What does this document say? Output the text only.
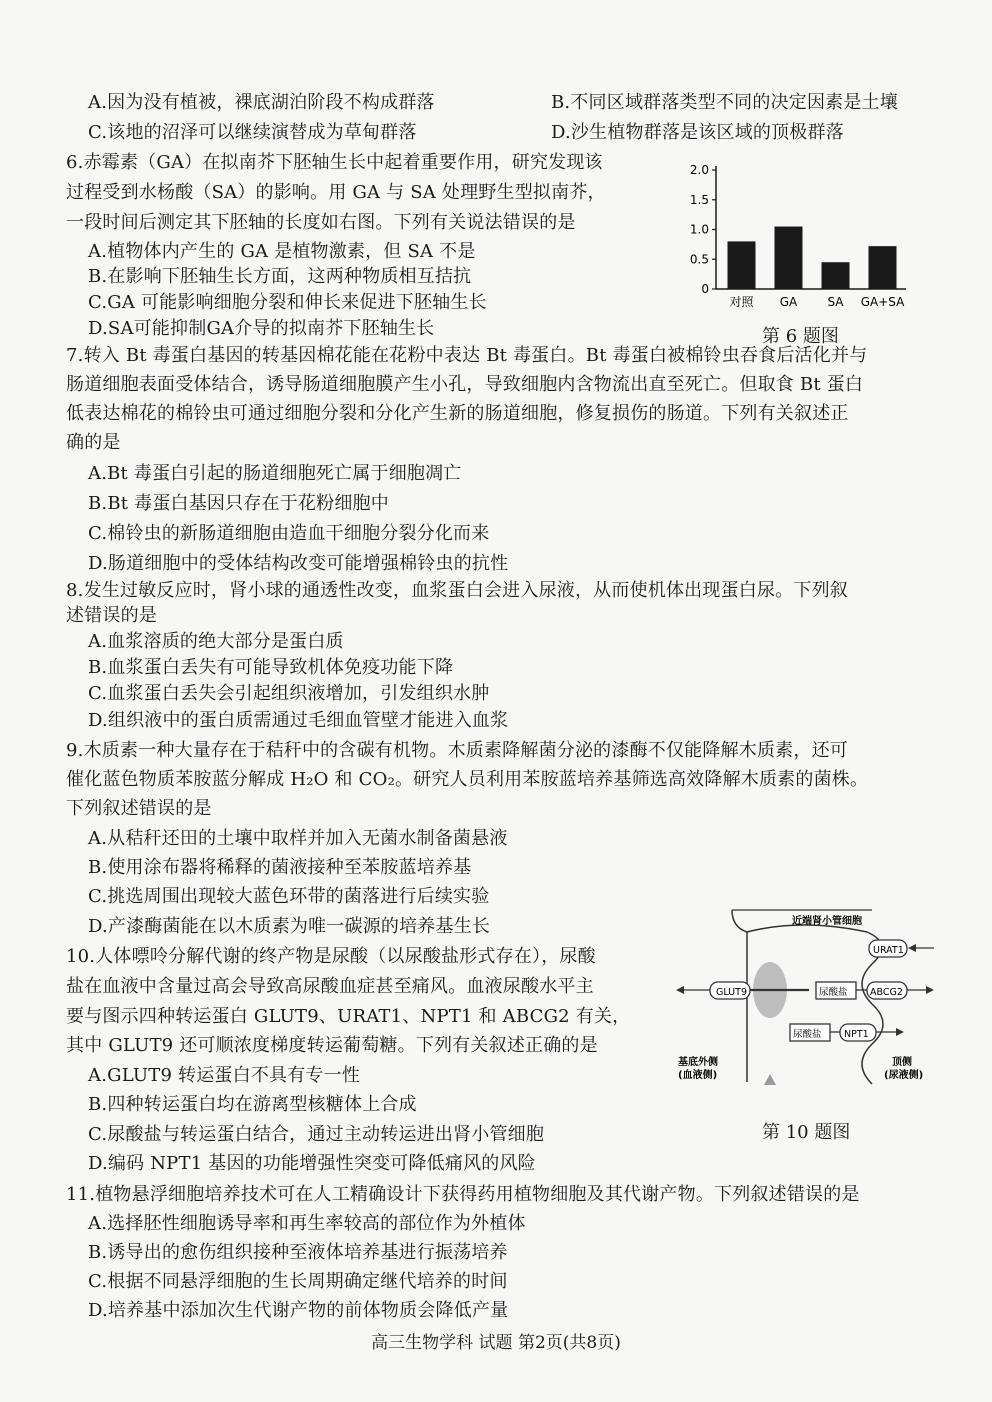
A.因为没有植被，裸底湖泊阶段不构成群落	B.不同区域群落类型不同的决定因素是土壤
C.该地的沼泽可以继续演替成为草甸群落	D.沙生植物群落是该区域的顶极群落
6.赤霉素（GA）在拟南芥下胚轴生长中起着重要作用，研究发现该
过程受到水杨酸（SA）的影响。用 GA 与 SA 处理野生型拟南芥，
一段时间后测定其下胚轴的长度如右图。下列有关说法错误的是
A.植物体内产生的 GA 是植物激素，但 SA 不是
B.在影响下胚轴生长方面，这两种物质相互拮抗
C.GA 可能影响细胞分裂和伸长来促进下胚轴生长
D.SA可能抑制GA介导的拟南芥下胚轴生长
0
0.5
1.0
1.5
2.0
对照 GA	SA GA+SA
第 6 题图
7.转入 Bt 毒蛋白基因的转基因棉花能在花粉中表达 Bt 毒蛋白。Bt 毒蛋白被棉铃虫吞食后活化并与
肠道细胞表面受体结合，诱导肠道细胞膜产生小孔，导致细胞内含物流出直至死亡。但取食 Bt 蛋白
低表达棉花的棉铃虫可通过细胞分裂和分化产生新的肠道细胞，修复损伤的肠道。下列有关叙述正
确的是
A.Bt 毒蛋白引起的肠道细胞死亡属于细胞凋亡
B.Bt 毒蛋白基因只存在于花粉细胞中
C.棉铃虫的新肠道细胞由造血干细胞分裂分化而来
D.肠道细胞中的受体结构改变可能增强棉铃虫的抗性
8.发生过敏反应时，肾小球的通透性改变，血浆蛋白会进入尿液，从而使机体出现蛋白尿。下列叙
述错误的是
A.血浆溶质的绝大部分是蛋白质
B.血浆蛋白丢失有可能导致机体免疫功能下降
C.血浆蛋白丢失会引起组织液增加，引发组织水肿
D.组织液中的蛋白质需通过毛细血管壁才能进入血浆
9.木质素一种大量存在于秸秆中的含碳有机物。木质素降解菌分泌的漆酶不仅能降解木质素，还可
催化蓝色物质苯胺蓝分解成 H₂O 和 CO₂。研究人员利用苯胺蓝培养基筛选高效降解木质素的菌株。
下列叙述错误的是
A.从秸秆还田的土壤中取样并加入无菌水制备菌悬液
B.使用涂布器将稀释的菌液接种至苯胺蓝培养基
C.挑选周围出现较大蓝色环带的菌落进行后续实验
D.产漆酶菌能在以木质素为唯一碳源的培养基生长
10.人体嘌呤分解代谢的终产物是尿酸（以尿酸盐形式存在），尿酸
盐在血液中含量过高会导致高尿酸血症甚至痛风。血液尿酸水平主
要与图示四种转运蛋白 GLUT9、URAT1、NPT1 和 ABCG2 有关，
其中 GLUT9 还可顺浓度梯度转运葡萄糖。下列有关叙述正确的是
A.GLUT9 转运蛋白不具有专一性
B.四种转运蛋白均在游离型核糖体上合成
C.尿酸盐与转运蛋白结合，通过主动转运进出肾小管细胞
D.编码 NPT1 基因的功能增强性突变可降低痛风的风险
近端肾小管细胞
GLUT9
URAT1
尿酸盐 ABCG2
尿酸盐 NPT1
基底外侧
(血液侧)
顶侧
(尿液侧)
第 10 题图
11.植物悬浮细胞培养技术可在人工精确设计下获得药用植物细胞及其代谢产物。下列叙述错误的是
A.选择胚性细胞诱导率和再生率较高的部位作为外植体
B.诱导出的愈伤组织接种至液体培养基进行振荡培养
C.根据不同悬浮细胞的生长周期确定继代培养的时间
D.培养基中添加次生代谢产物的前体物质会降低产量
高三生物学科 试题 第2页(共8页)
